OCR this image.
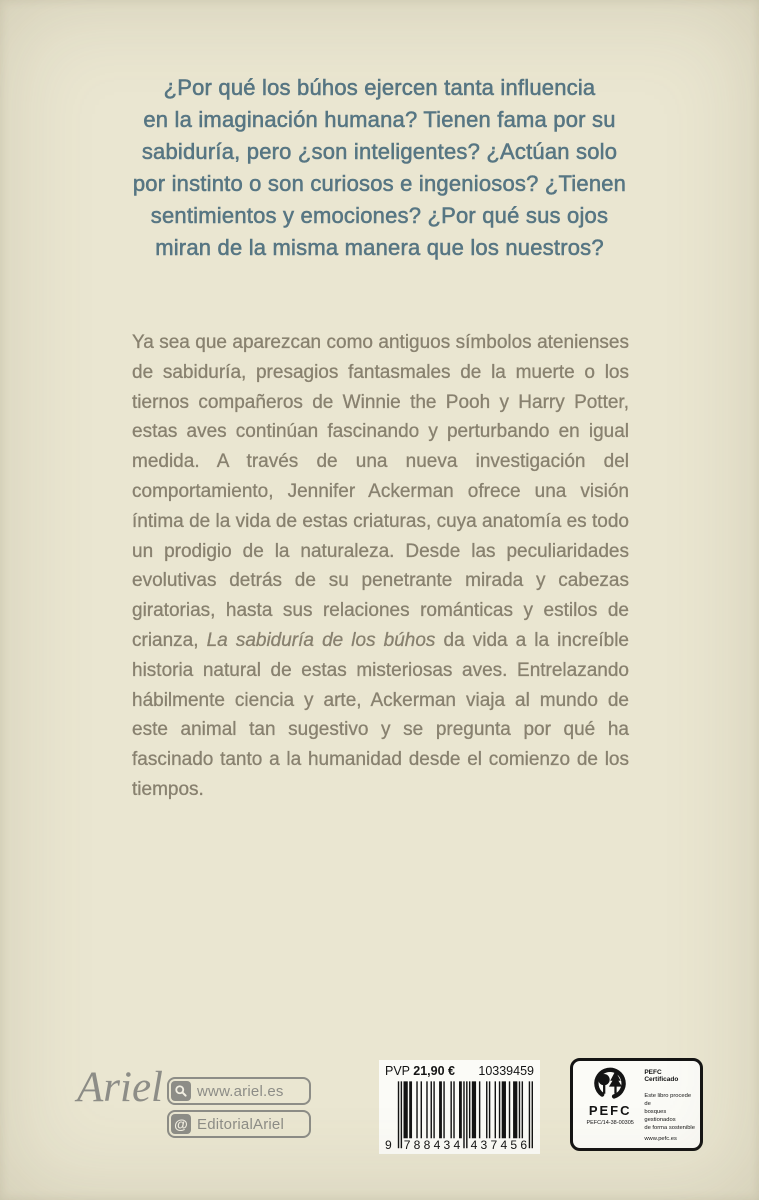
¿Por qué los búhos ejercen tanta influencia
en la imaginación humana? Tienen fama por su
sabiduría, pero ¿son inteligentes? ¿Actúan solo
por instinto o son curiosos e ingeniosos? ¿Tienen
sentimientos y emociones? ¿Por qué sus ojos
miran de la misma manera que los nuestros?

Ya sea que aparezcan como antiguos símbolos atenienses de sabiduría, presagios fantasmales de la muerte o los tiernos compañeros de Winnie the Pooh y Harry Potter, estas aves continúan fascinando y perturbando en igual medida. A través de una nueva investigación del comportamiento, Jennifer Ackerman ofrece una visión íntima de la vida de estas criaturas, cuya anatomía es todo un prodigio de la naturaleza. Desde las peculiaridades evolutivas detrás de su penetrante mirada y cabezas giratorias, hasta sus relaciones románticas y estilos de crianza, La sabiduría de los búhos da vida a la increíble historia natural de estas misteriosas aves. Entrelazando hábilmente ciencia y arte, Ackerman viaja al mundo de este animal tan sugestivo y se pregunta por qué ha fascinado tanto a la humanidad desde el comienzo de los tiempos.

Ariel www.ariel.es
@ EditorialAriel
PVP 21,90 € 10339459
9 7 8 8 4 3 4 4 3 7 4 5 6
PEFC
PEFC/14-38-00305
PEFC Certificado
Este libro procede de
bosques gestionados
de forma sostenible
www.pefc.es
